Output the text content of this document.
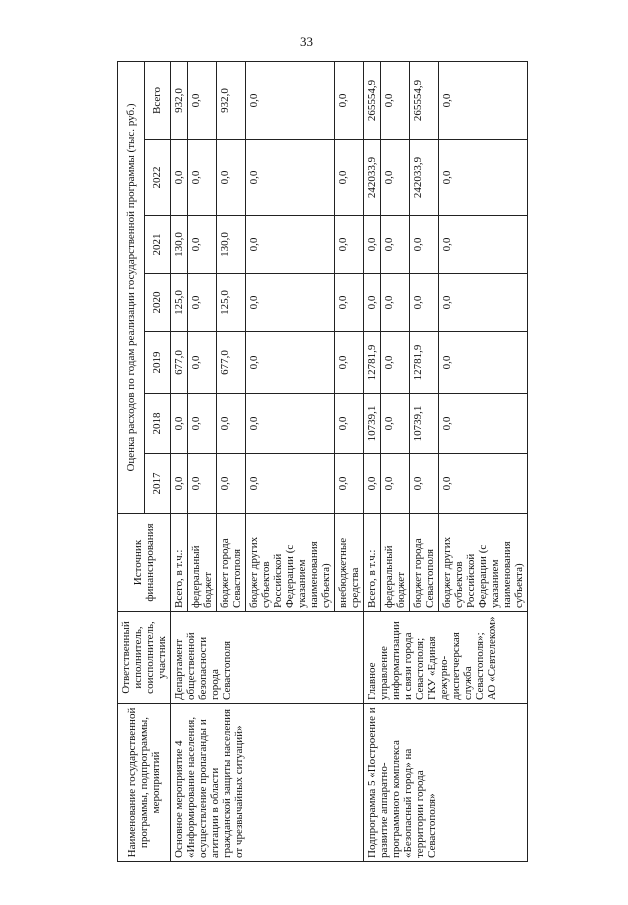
33
Наименование государственной программы, подпрограммы, мероприятий	Ответственный исполнитель, соисполнитель, участник	Источник финансирования	Оценка расходов по годам реализации государственной программы (тыс. руб.)						
			2017	2018	2019	2020	2021	2022	Всего
Основное мероприятие 4 «Информирование населения, осуществление пропаганды и агитации в области гражданской защиты населения от чрезвычайных ситуаций»	Департамент общественной безопасности города Севастополя	Всего, в т.ч.:	0,0	0,0	677,0	125,0	130,0	0,0	932,0
		федеральный бюджет	0,0	0,0	0,0	0,0	0,0	0,0	0,0
		бюджет города Севастополя	0,0	0,0	677,0	125,0	130,0	0,0	932,0
		бюджет других субъектов Российской Федерации (с указанием наименования субъекта)	0,0	0,0	0,0	0,0	0,0	0,0	0,0
		внебюджетные средства	0,0	0,0	0,0	0,0	0,0	0,0	0,0
Подпрограмма 5 «Построение и развитие аппаратно-программного комплекса «Безопасный город» на территории города Севастополя»	Главное управление информатизации и связи города Севастополя; ГКУ «Единая дежурно-диспетчерская служба Севастополя»; АО «Севтелеком»	Всего, в т.ч.:	0,0	10739,1	12781,9	0,0	0,0	242033,9	265554,9
		федеральный бюджет	0,0	0,0	0,0	0,0	0,0	0,0	0,0
		бюджет города Севастополя	0,0	10739,1	12781,9	0,0	0,0	242033,9	265554,9
		бюджет других субъектов Российской Федерации (с указанием наименования субъекта)	0,0	0,0	0,0	0,0	0,0	0,0	0,0
